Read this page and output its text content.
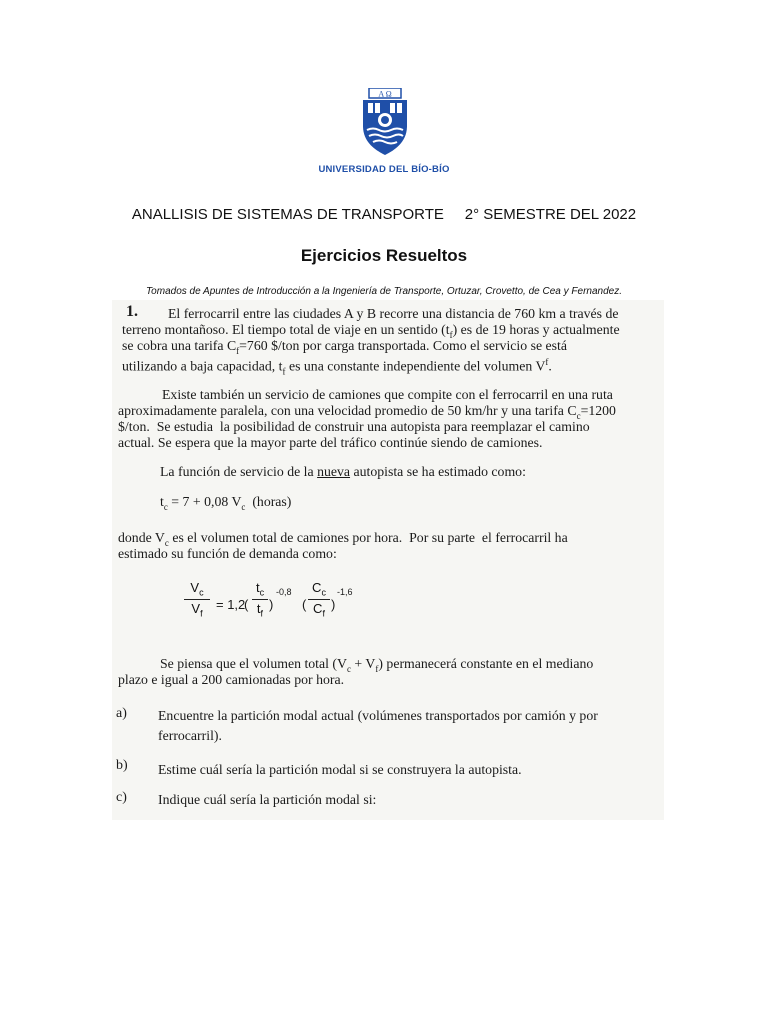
A Ω
UNIVERSIDAD DEL BÍO-BÍO
ANALLISIS DE SISTEMAS DE TRANSPORTE 2° SEMESTRE DEL 2022
Ejercicios Resueltos
Tomados de Apuntes de Introducción a la Ingeniería de Transporte, Ortuzar, Crovetto, de Cea y Fernandez.
1. El ferrocarril entre las ciudades A y B recorre una distancia de 760 km a través de
terreno montañoso. El tiempo total de viaje en un sentido $(t_f)$ es de 19 horas y actualmente
se cobra una tarifa $C_f=760$ $/ton por carga transportada. Como el servicio se está
utilizando a baja capacidad, $t_f$ es una constante independiente del volumen $V^f$.
Existe también un servicio de camiones que compite con el ferrocarril en una ruta
aproximadamente paralela, con una velocidad promedio de 50 km/hr y una tarifa $C_c=1200$
$/ton.  Se estudia  la posibilidad de construir una autopista para reemplazar el camino
actual. Se espera que la mayor parte del tráfico continúe siendo de camiones.
La función de servicio de la nueva autopista se ha estimado como:
$t_c = 7 + 0,08$ $V_c$  (horas)
donde $V_c$ es el volumen total de camiones por hora.  Por su parte  el ferrocarril ha
estimado su función de demanda como:
$V_c$
$V_f$
= 1,2
(
$t_c$
$t_f$
)
-0,8
(
$C_c$
$C_f$
)
-1,6
Se piensa que el volumen total $(V_c + V_f)$ permanecerá constante en el mediano
plazo e igual a 200 camionadas por hora.
a) Encuentre la partición modal actual (volúmenes transportados por camión y por
ferrocarril).
b) Estime cuál sería la partición modal si se construyera la autopista.
c) Indique cuál sería la partición modal si:
